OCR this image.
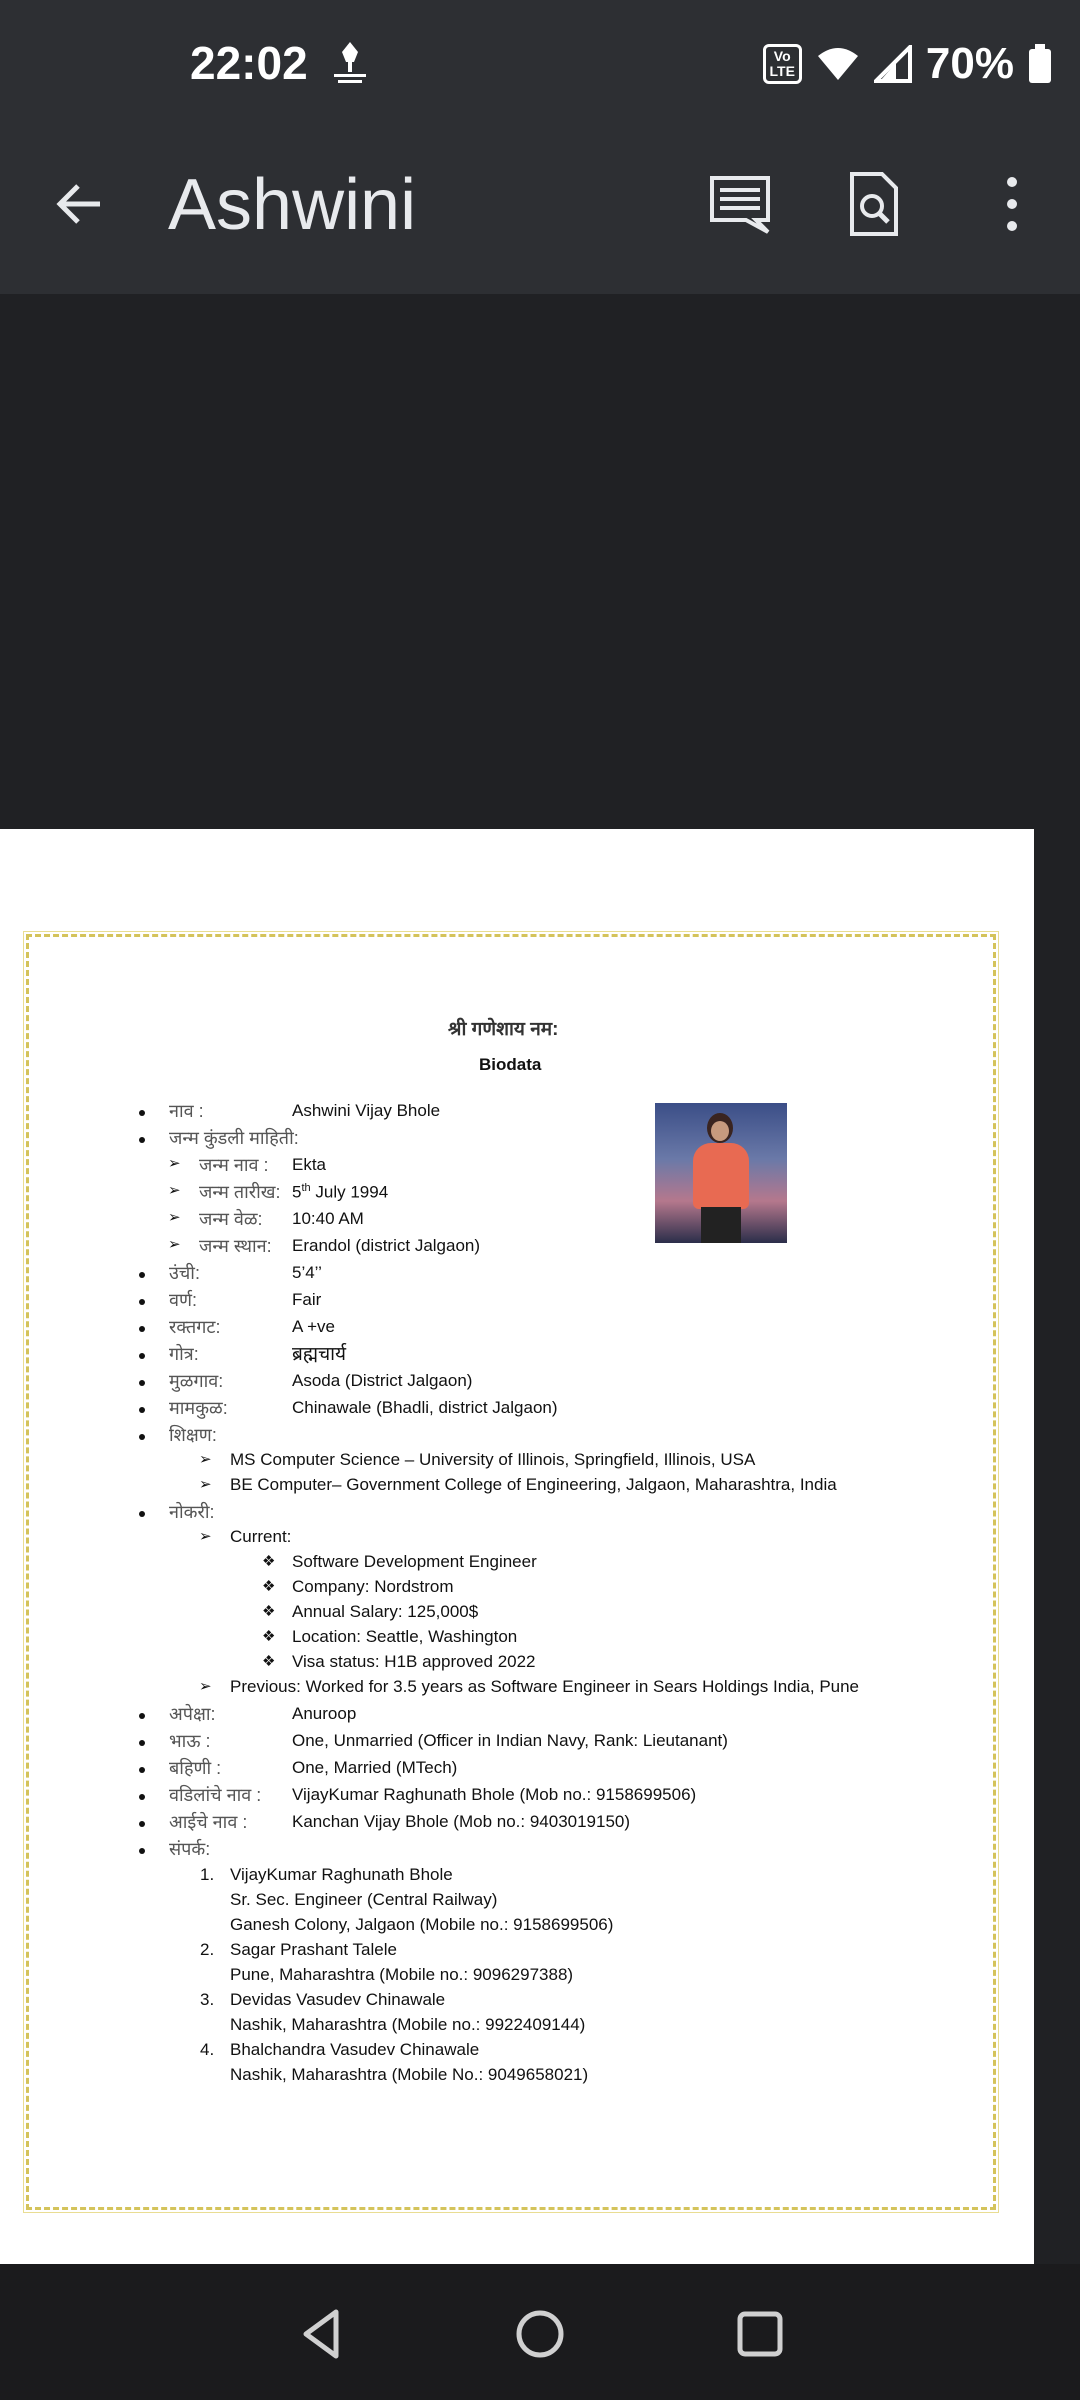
22:02	Vo
LTE	70%
Ashwini
श्री गणेशाय नम:
Biodata
नाव :	Ashwini Vijay Bhole
जन्म कुंडली माहिती:
➢ जन्म नाव : Ekta
➢ जन्म तारीख: 5th July 1994
➢ जन्म वेळ: 10:40 AM
➢ जन्म स्थान: Erandol (district Jalgaon)
उंची:	5’4’’
वर्ण:	Fair
रक्तगट:	A +ve
गोत्र:	ब्रह्मचार्य
मुळगाव:	Asoda (District Jalgaon)
मामकुळ:	Chinawale (Bhadli, district Jalgaon)
शिक्षण:
➢ MS Computer Science – University of Illinois, Springfield, Illinois, USA
➢ BE Computer– Government College of Engineering, Jalgaon, Maharashtra, India
नोकरी:
➢ Current:
❖ Software Development Engineer
❖ Company: Nordstrom
❖ Annual Salary: 125,000$
❖ Location: Seattle, Washington
❖ Visa status: H1B approved 2022
➢ Previous: Worked for 3.5 years as Software Engineer in Sears Holdings India, Pune
अपेक्षा:	Anuroop
भाऊ :	One, Unmarried (Officer in Indian Navy, Rank: Lieutanant)
बहिणी :	One, Married (MTech)
वडिलांचे नाव : VijayKumar Raghunath Bhole (Mob no.: 9158699506)
आईचे नाव :	Kanchan Vijay Bhole (Mob no.: 9403019150)
संपर्क:
1. VijayKumar Raghunath Bhole
Sr. Sec. Engineer (Central Railway)
Ganesh Colony, Jalgaon (Mobile no.: 9158699506)
2. Sagar Prashant Talele
Pune, Maharashtra (Mobile no.: 9096297388)
3. Devidas Vasudev Chinawale
Nashik, Maharashtra (Mobile no.: 9922409144)
4. Bhalchandra Vasudev Chinawale
Nashik, Maharashtra (Mobile No.: 9049658021)
